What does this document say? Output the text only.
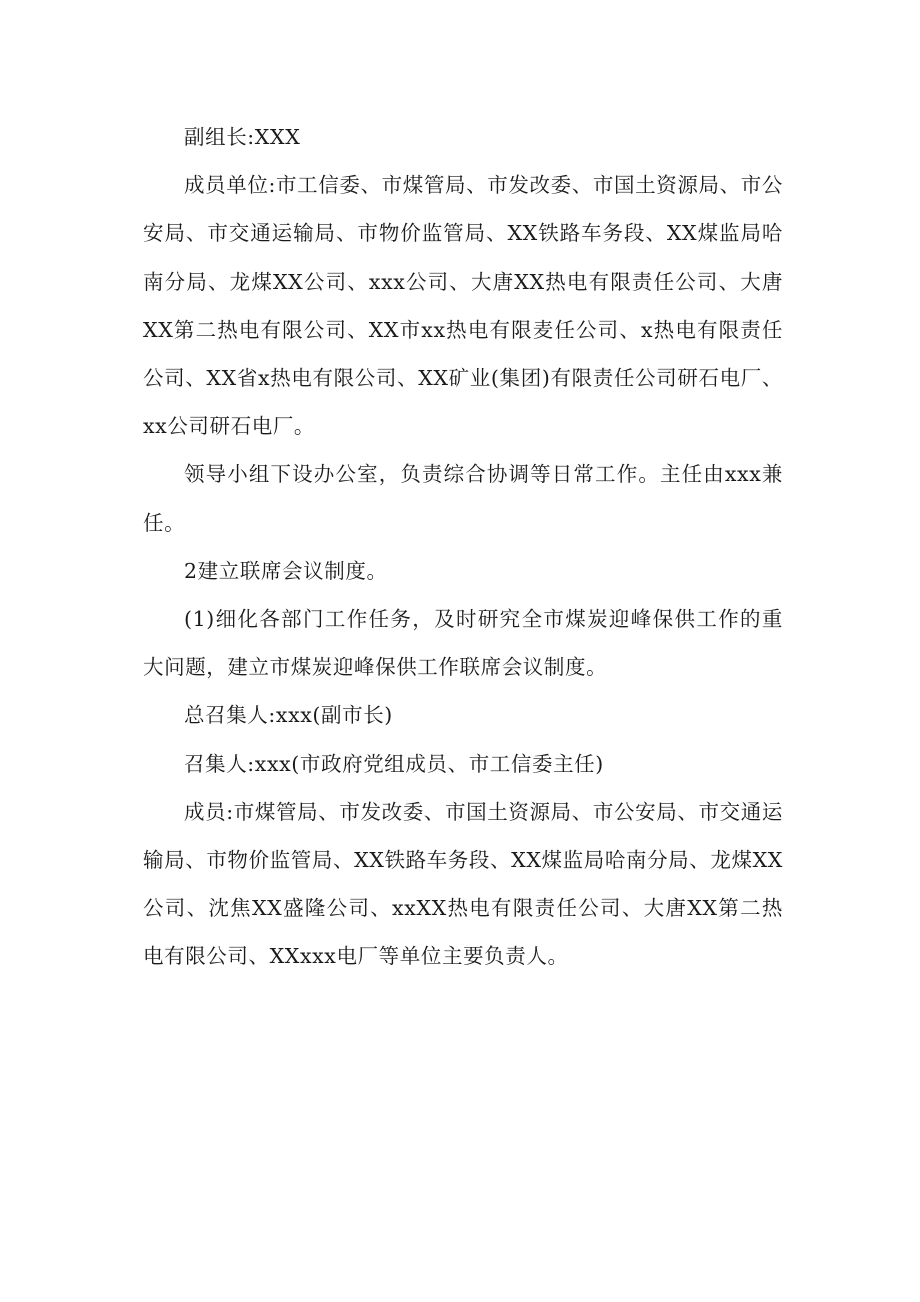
副组长:XXX

成员单位:市工信委、市煤管局、市发改委、市国土资源局、市公安局、市交通运输局、市物价监管局、XX铁路车务段、XX煤监局哈南分局、龙煤XX公司、xxx公司、大唐XX热电有限责任公司、大唐XX第二热电有限公司、XX市xx热电有限麦任公司、x热电有限责任公司、XX省x热电有限公司、XX矿业(集团)有限责任公司研石电厂、xx公司研石电厂。

领导小组下设办公室，负责综合协调等日常工作。主任由xxx兼任。

2建立联席会议制度。

(1)细化各部门工作任务，及时研究全市煤炭迎峰保供工作的重大问题，建立市煤炭迎峰保供工作联席会议制度。

总召集人:xxx(副市长)

召集人:xxx(市政府党组成员、市工信委主任)

成员:市煤管局、市发改委、市国土资源局、市公安局、市交通运输局、市物价监管局、XX铁路车务段、XX煤监局哈南分局、龙煤XX公司、沈焦XX盛隆公司、xxXX热电有限责任公司、大唐XX第二热电有限公司、XXxxx电厂等单位主要负责人。
